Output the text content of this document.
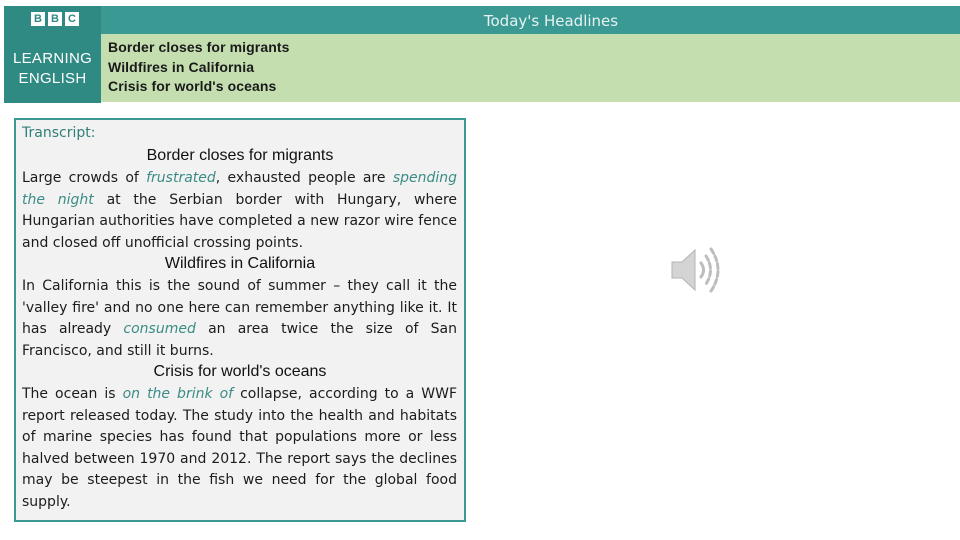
B B C
LEARNING
ENGLISH
Today's Headlines
Border closes for migrants
Wildfires in California
Crisis for world's oceans
Transcript:
Border closes for migrants
Large crowds of frustrated, exhausted people are spending the night at the Serbian border with Hungary, where Hungarian authorities have completed a new razor wire fence and closed off unofficial crossing points.
Wildfires in California
In California this is the sound of summer – they call it the 'valley fire' and no one here can remember anything like it. It has already consumed an area twice the size of San Francisco, and still it burns.
Crisis for world's oceans
The ocean is on the brink of collapse, according to a WWF report released today. The study into the health and habitats of marine species has found that populations more or less halved between 1970 and 2012. The report says the declines may be steepest in the fish we need for the global food supply.
